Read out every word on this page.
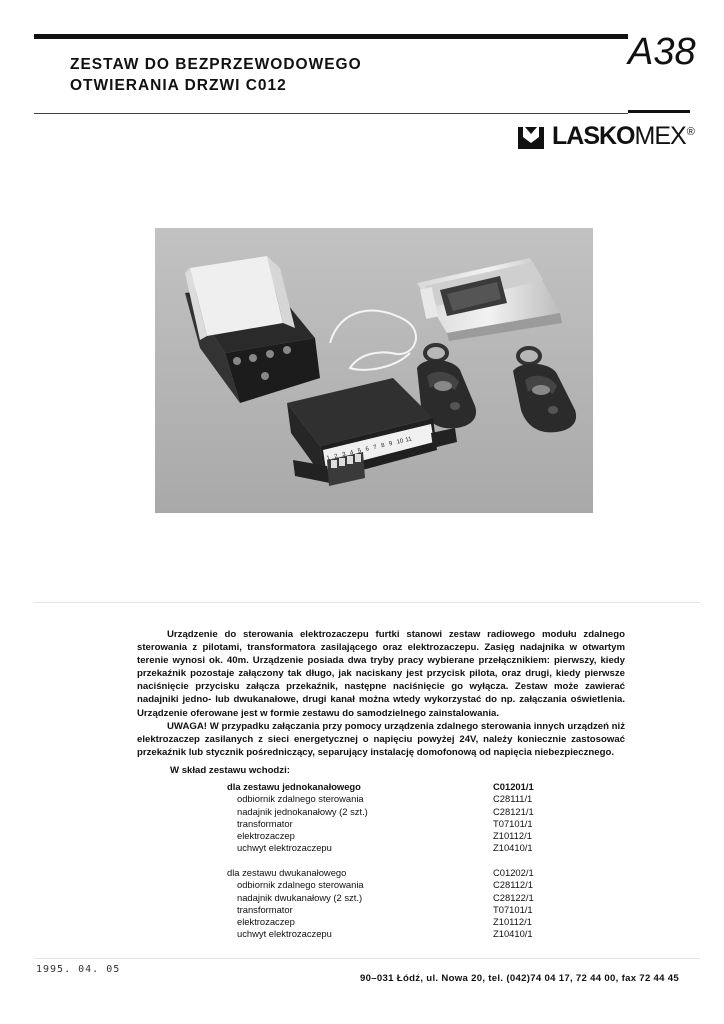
ZESTAW DO BEZPRZEWODOWEGO
OTWIERANIA DRZWI C012
A38
LASKOMEX®
1 2 3 4 5 6 7 8 9 10 11

Urządzenie do sterowania elektrozaczepu furtki stanowi zestaw radiowego modułu zdalnego sterowania z pilotami, transformatora zasilającego oraz elektrozaczepu. Zasięg nadajnika w otwartym terenie wynosi ok. 40m. Urządzenie posiada dwa tryby pracy wybierane przełącznikiem: pierwszy, kiedy przekaźnik pozostaje załączony tak długo, jak naciskany jest przycisk pilota, oraz drugi, kiedy pierwsze naciśnięcie przycisku załącza przekaźnik, następne naciśnięcie go wyłącza. Zestaw może zawierać nadajniki jedno- lub dwukanałowe, drugi kanał można wtedy wykorzystać do np. załączania oświetlenia. Urządzenie oferowane jest w formie zestawu do samodzielnego zainstalowania.

UWAGA! W przypadku załączania przy pomocy urządzenia zdalnego sterowania innych urządzeń niż elektrozaczep zasilanych z sieci energetycznej o napięciu powyżej 24V, należy koniecznie zastosować przekaźnik lub stycznik pośredniczący, separujący instalację domofonową od napięcia niebezpiecznego.

W skład zestawu wchodzi:
dla zestawu jednokanałowego	C01201/1
odbiornik zdalnego sterowania	C28111/1
nadajnik jednokanałowy (2 szt.)	C28121/1
transformator	T07101/1
elektrozaczep	Z10112/1
uchwyt elektrozaczepu	Z10410/1
dla zestawu dwukanałowego	C01202/1
odbiornik zdalnego sterowania	C28112/1
nadajnik dwukanałowy (2 szt.)	C28122/1
transformator	T07101/1
elektrozaczep	Z10112/1
uchwyt elektrozaczepu	Z10410/1
1995. 04. 05
90–031 Łódź, ul. Nowa 20, tel. (042)74 04 17, 72 44 00, fax 72 44 45
